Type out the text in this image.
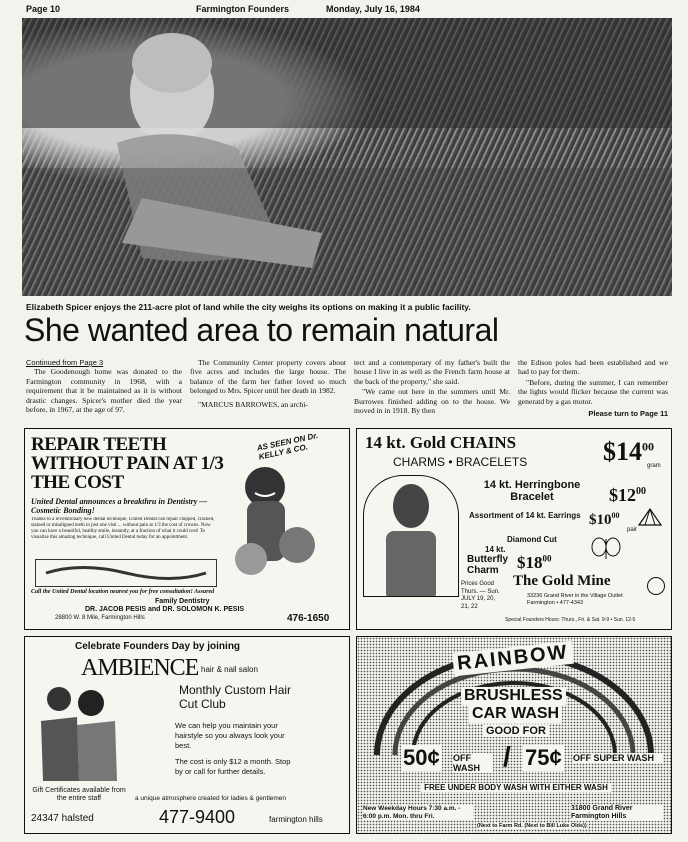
Page 10	Farmington Founders	Monday, July 16, 1984
Elizabeth Spicer enjoys the 211-acre plot of land while the city weighs its options on making it a public facility.
She wanted area to remain natural
Continued from Page 3

The Goodenough home was donated to the Farmington community in 1968, with a requirement that it be maintained as it is without drastic changes. Spicer's mother died the year before, in 1967, at the age of 97.

The Community Center property covers about five acres and includes the large house. The balance of the farm her father loved so much belonged to Mrs. Spicer until her death in 1982.

"MARCUS BARROWES, an archi-

tect and a contemporary of my father's built the house I live in as well as the French farm house at the back of the property," she said.

"We came out here in the summers until Mr. Burrowes finished adding on to the house. We moved in in 1918. By then

the Edison poles had been established and we had to pay for them.

"Before, during the summer, I can remember the lights would flicker because the current was generatd by a gas motor.

Please turn to Page 11
REPAIR TEETH WITHOUT PAIN AT 1/3 THE COST
AS SEEN ON Dr. KELLY & CO.
United Dental announces a breakthru in Dentistry — Cosmetic Bonding!
Thanks to a revolutionary new dental technique, United Dental can repair chipped, cracked, stained or misaligned teeth in just one visit ... without pain at 1/3 the cost of crowns. Now you can have a beautiful, healthy smile, instantly, at a fraction of what it could cost! To visualize this amazing technique, call United Dental today for an appointment.
Call the United Dental location nearest you for free consultation! Assured
Family Dentistry
DR. JACOB PESIS and DR. SOLOMON K. PESIS
28800 W. 8 Mile, Farmington Hills	476-1650
14 kt. Gold CHAINS
CHARMS • BRACELETS	$\$14^{00}$
gram
14 kt. Herringbone Bracelet	$\$12^{00}$
Assortment of 14 kt. Earrings $\$10^{00}$
pair
Diamond Cut
14 kt.
Butterfly Charm	$\$18^{00}$
Prices Good Thurs. — Sun. JULY 19, 20, 21, 22
The Gold Mine
33236 Grand River in the Village Outlet Farmington • 477-4343
Special Founders Hours: Thurs., Fri. & Sat. 9-9 • Sun. 12-5
Celebrate Founders Day by joining
AMBIENCE hair & nail salon
Monthly Custom Hair Cut Club
We can help you maintain your hairstyle so you always look your best.
The cost is only $12 a month. Stop by or call for further details.
Gift Certificates available from the entire staff	a unique atmosphere created for ladies & gentlemen
24347 halsted	477-9400	farmington hills
RAINBOW
BRUSHLESS
CAR WASH
GOOD FOR
50¢ OFF WASH / 75¢ OFF SUPER WASH
FREE UNDER BODY WASH WITH EITHER WASH
New Weekday Hours 7:30 a.m. - 6:00 p.m. Mon. thru Fri.
31800 Grand River Farmington Hills
(Next to Farm Rd. (Next to Bill Luke Olds))
